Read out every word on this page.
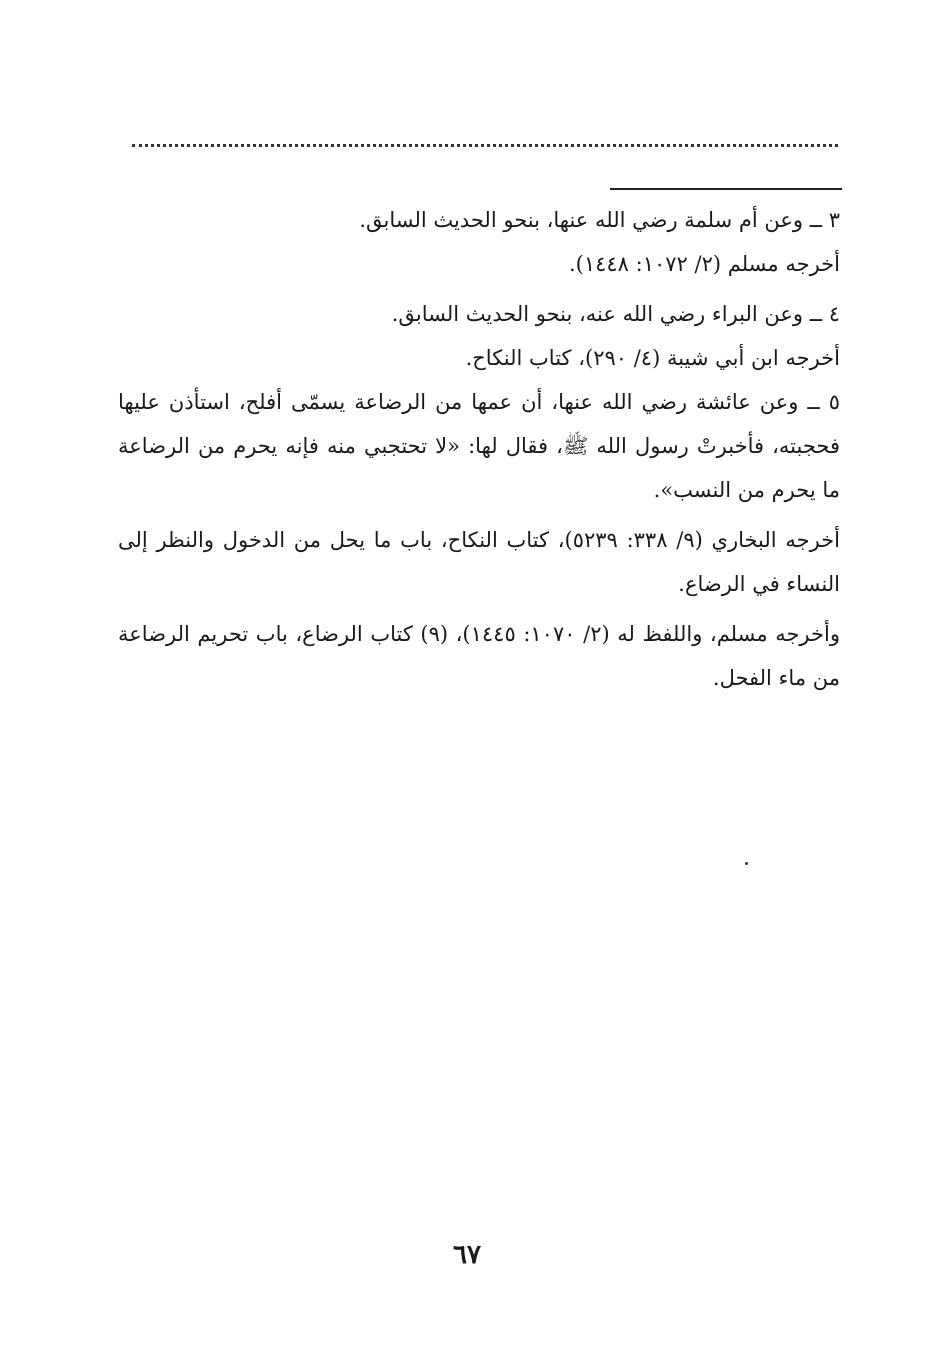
٣ ــ وعن أم سلمة رضي الله عنها، بنحو الحديث السابق.

أخرجه مسلم (٢/ ١٠٧٢: ١٤٤٨).

٤ ــ وعن البراء رضي الله عنه، بنحو الحديث السابق.

أخرجه ابن أبي شيبة (٤/ ٢٩٠)، كتاب النكاح.

٥ ــ وعن عائشة رضي الله عنها، أن عمها من الرضاعة يسمّى أفلح، استأذن عليها فحجبته، فأخبرتْ رسول الله ﷺ، فقال لها: «لا تحتجبي منه فإنه يحرم من الرضاعة ما يحرم من النسب».

أخرجه البخاري (٩/ ٣٣٨: ٥٢٣٩)، كتاب النكاح، باب ما يحل من الدخول والنظر إلى النساء في الرضاع.

وأخرجه مسلم، واللفظ له (٢/ ١٠٧٠: ١٤٤٥)، (٩) كتاب الرضاع، باب تحريم الرضاعة من ماء الفحل.

٦٧
